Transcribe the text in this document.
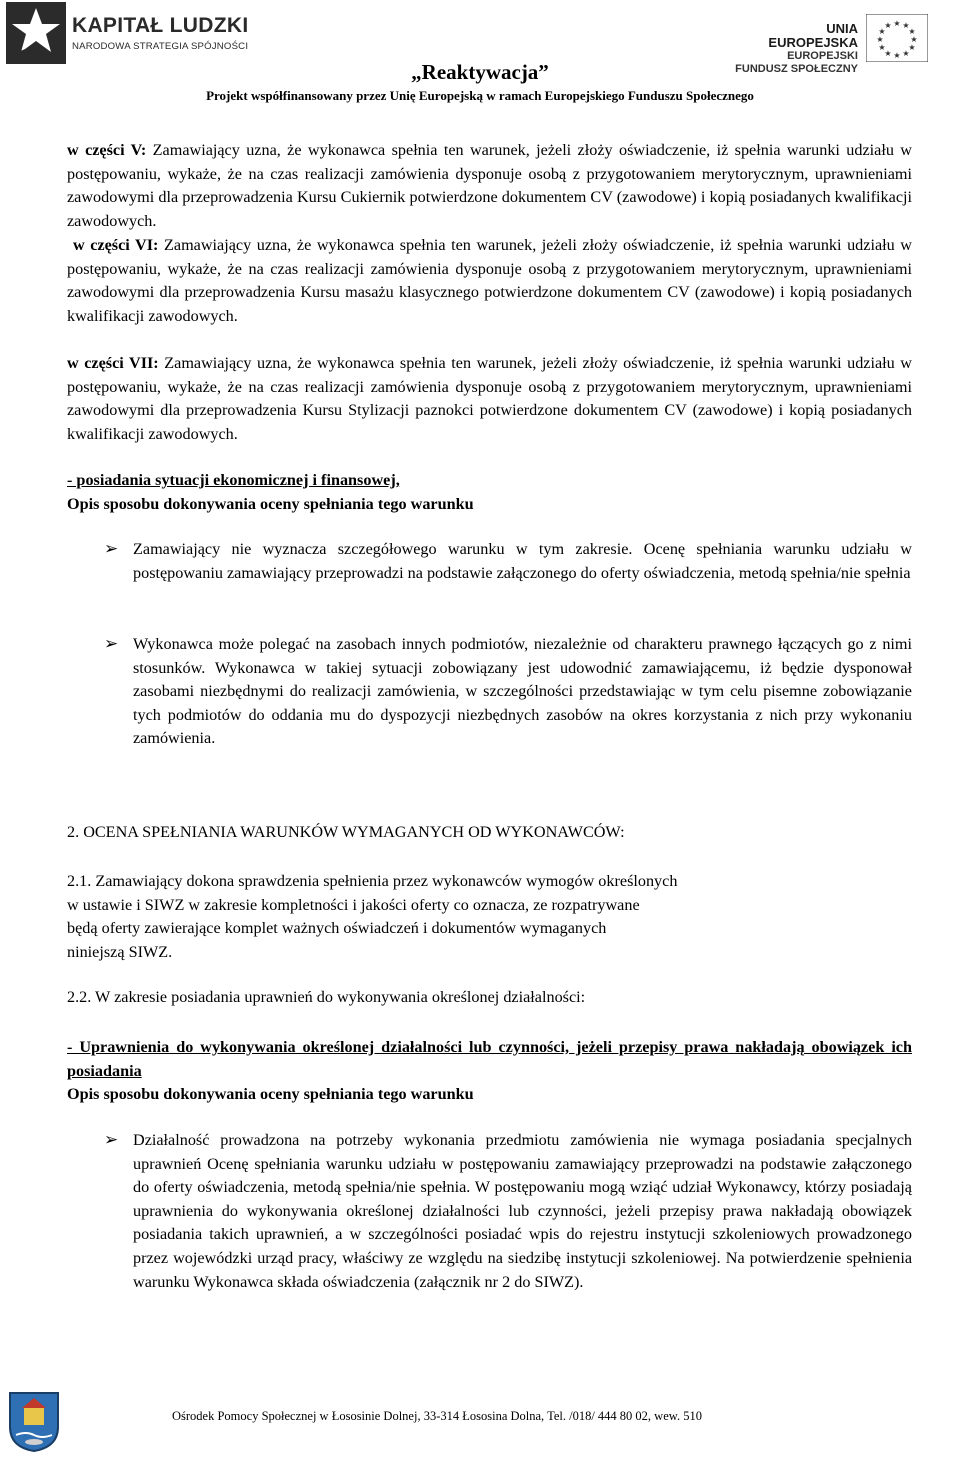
KAPITAŁ LUDZKI
NARODOWA STRATEGIA SPÓJNOŚCI
UNIA EUROPEJSKA
EUROPEJSKI
FUNDUSZ SPOŁECZNY
★ ★
★
★
★
★
★
★
★
★
★
★
„Reaktywacja”
Projekt współfinansowany przez Unię Europejską w ramach Europejskiego Funduszu Społecznego
w części V: Zamawiający uzna, że wykonawca spełnia ten warunek, jeżeli złoży oświadczenie, iż spełnia warunki udziału w postępowaniu, wykaże, że na czas realizacji zamówienia dysponuje osobą z przygotowaniem merytorycznym, uprawnieniami zawodowymi dla przeprowadzenia Kursu Cukiernik potwierdzone dokumentem CV (zawodowe) i kopią posiadanych kwalifikacji zawodowych.
w części VI: Zamawiający uzna, że wykonawca spełnia ten warunek, jeżeli złoży oświadczenie, iż spełnia warunki udziału w postępowaniu, wykaże, że na czas realizacji zamówienia dysponuje osobą z przygotowaniem merytorycznym, uprawnieniami zawodowymi dla przeprowadzenia Kursu masażu klasycznego potwierdzone dokumentem CV (zawodowe) i kopią posiadanych kwalifikacji zawodowych.
w części VII: Zamawiający uzna, że wykonawca spełnia ten warunek, jeżeli złoży oświadczenie, iż spełnia warunki udziału w postępowaniu, wykaże, że na czas realizacji zamówienia dysponuje osobą z przygotowaniem merytorycznym, uprawnieniami zawodowymi dla przeprowadzenia Kursu Stylizacji paznokci potwierdzone dokumentem CV (zawodowe) i kopią posiadanych kwalifikacji zawodowych.
- posiadania sytuacji ekonomicznej i finansowej,
Opis sposobu dokonywania oceny spełniania tego warunku
➢ Zamawiający nie wyznacza szczegółowego warunku w tym zakresie. Ocenę spełniania warunku udziału w postępowaniu zamawiający przeprowadzi na podstawie załączonego do oferty oświadczenia, metodą spełnia/nie spełnia
➢ Wykonawca może polegać na zasobach innych podmiotów, niezależnie od charakteru prawnego łączących go z nimi stosunków. Wykonawca w takiej sytuacji zobowiązany jest udowodnić zamawiającemu, iż będzie dysponował zasobami niezbędnymi do realizacji zamówienia, w szczególności przedstawiając w tym celu pisemne zobowiązanie tych podmiotów do oddania mu do dyspozycji niezbędnych zasobów na okres korzystania z nich przy wykonaniu zamówienia.
2. OCENA SPEŁNIANIA WARUNKÓW WYMAGANYCH OD WYKONAWCÓW:
2.1. Zamawiający dokona sprawdzenia spełnienia przez wykonawców wymogów określonych
w ustawie i SIWZ w zakresie kompletności i jakości oferty co oznacza, ze rozpatrywane
będą oferty zawierające komplet ważnych oświadczeń i dokumentów wymaganych
niniejszą SIWZ.
2.2. W zakresie posiadania uprawnień do wykonywania określonej działalności:
- Uprawnienia do wykonywania określonej działalności lub czynności, jeżeli przepisy prawa nakładają obowiązek ich posiadania
Opis sposobu dokonywania oceny spełniania tego warunku
➢ Działalność prowadzona na potrzeby wykonania przedmiotu zamówienia nie wymaga posiadania specjalnych uprawnień Ocenę spełniania warunku udziału w postępowaniu zamawiający przeprowadzi na podstawie załączonego do oferty oświadczenia, metodą spełnia/nie spełnia. W postępowaniu mogą wziąć udział Wykonawcy, którzy posiadają uprawnienia do wykonywania określonej działalności lub czynności, jeżeli przepisy prawa nakładają obowiązek posiadania takich uprawnień, a w szczególności posiadać wpis do rejestru instytucji szkoleniowych prowadzonego przez wojewódzki urząd pracy, właściwy ze względu na siedzibę instytucji szkoleniowej. Na potwierdzenie spełnienia warunku Wykonawca składa oświadczenia (załącznik nr 2 do SIWZ).
Ośrodek Pomocy Społecznej w Łososinie Dolnej, 33-314 Łososina Dolna, Tel. /018/ 444 80 02, wew. 510
